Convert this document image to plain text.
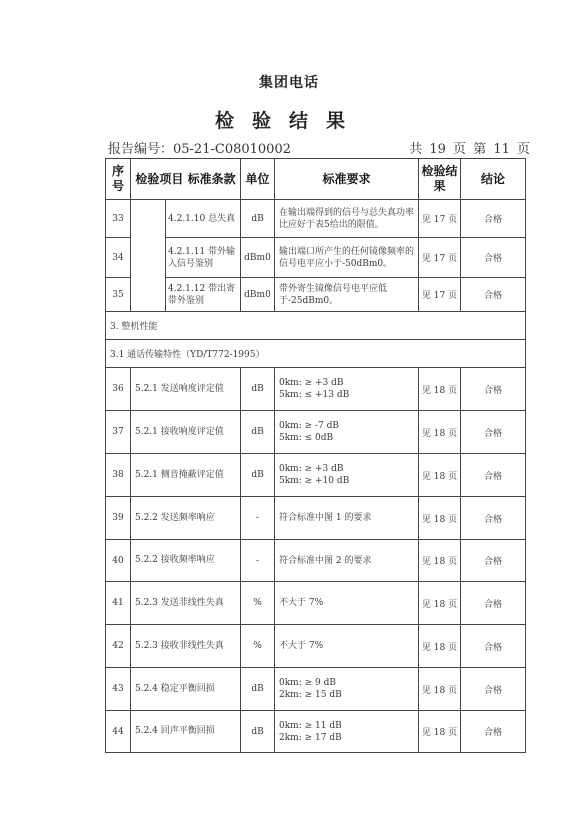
集团电话
检验结果
报告编号：05-21-C08010002	共 19 页 第 11 页
序号	检验项目 标准条款		单位	标准要求	检验结果	结论
33		4.2.1.10 总失真	dB	在输出端得到的信号与总失真功率比应好于表5给出的限值。	见 17 页	合格
34		4.2.1.11 带外输入信号鉴别	dBm0	输出端口所产生的任何镜像频率的信号电平应小于-50dBm0。	见 17 页	合格
35		4.2.1.12 带出寄带外鉴别	dBm0	带外寄生镜像信号电平应低于-25dBm0。	见 17 页	合格
3. 整机性能						
3.1 通话传输特性（YD/T772-1995）						
36	5.2.1 发送响度评定值		dB	0km: ≥ +3 dB
5km: ≤ +13 dB	见 18 页	合格
37	5.2.1 接收响度评定值		dB	0km: ≥ -7 dB
5km: ≤ 0dB	见 18 页	合格
38	5.2.1 侧音掩蔽评定值		dB	0km: ≥ +3 dB
5km: ≥ +10 dB	见 18 页	合格
39	5.2.2 发送频率响应		-	符合标准中图 1 的要求	见 18 页	合格
40	5.2.2 接收频率响应		-	符合标准中图 2 的要求	见 18 页	合格
41	5.2.3 发送非线性失真		%	不大于 7%	见 18 页	合格
42	5.2.3 接收非线性失真		%	不大于 7%	见 18 页	合格
43	5.2.4 稳定平衡回损		dB	0km: ≥ 9 dB
2km: ≥ 15 dB	见 18 页	合格
44	5.2.4 回声平衡回损		dB	0km: ≥ 11 dB
2km: ≥ 17 dB	见 18 页	合格
